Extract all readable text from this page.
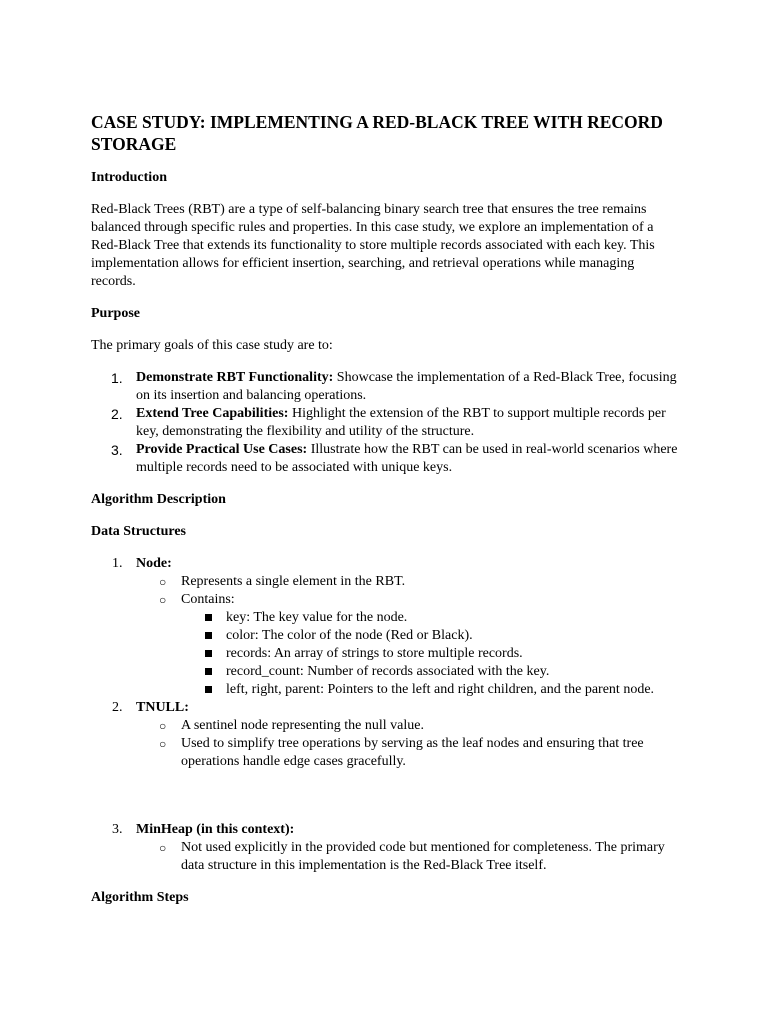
CASE STUDY: IMPLEMENTING A RED-BLACK TREE WITH RECORD STORAGE
Introduction
Red-Black Trees (RBT) are a type of self-balancing binary search tree that ensures the tree remains balanced through specific rules and properties. In this case study, we explore an implementation of a Red-Black Tree that extends its functionality to store multiple records associated with each key. This implementation allows for efficient insertion, searching, and retrieval operations while managing records.
Purpose
The primary goals of this case study are to:
1. Demonstrate RBT Functionality: Showcase the implementation of a Red-Black Tree, focusing on its insertion and balancing operations.
2. Extend Tree Capabilities: Highlight the extension of the RBT to support multiple records per key, demonstrating the flexibility and utility of the structure.
3. Provide Practical Use Cases: Illustrate how the RBT can be used in real-world scenarios where multiple records need to be associated with unique keys.
Algorithm Description
Data Structures
1. Node:
○ Represents a single element in the RBT.
○ Contains:
key: The key value for the node.
color: The color of the node (Red or Black).
records: An array of strings to store multiple records.
record_count: Number of records associated with the key.
left, right, parent: Pointers to the left and right children, and the parent node.
2. TNULL:
○ A sentinel node representing the null value.
○ Used to simplify tree operations by serving as the leaf nodes and ensuring that tree operations handle edge cases gracefully.
3. MinHeap (in this context):
○ Not used explicitly in the provided code but mentioned for completeness. The primary data structure in this implementation is the Red-Black Tree itself.
Algorithm Steps
